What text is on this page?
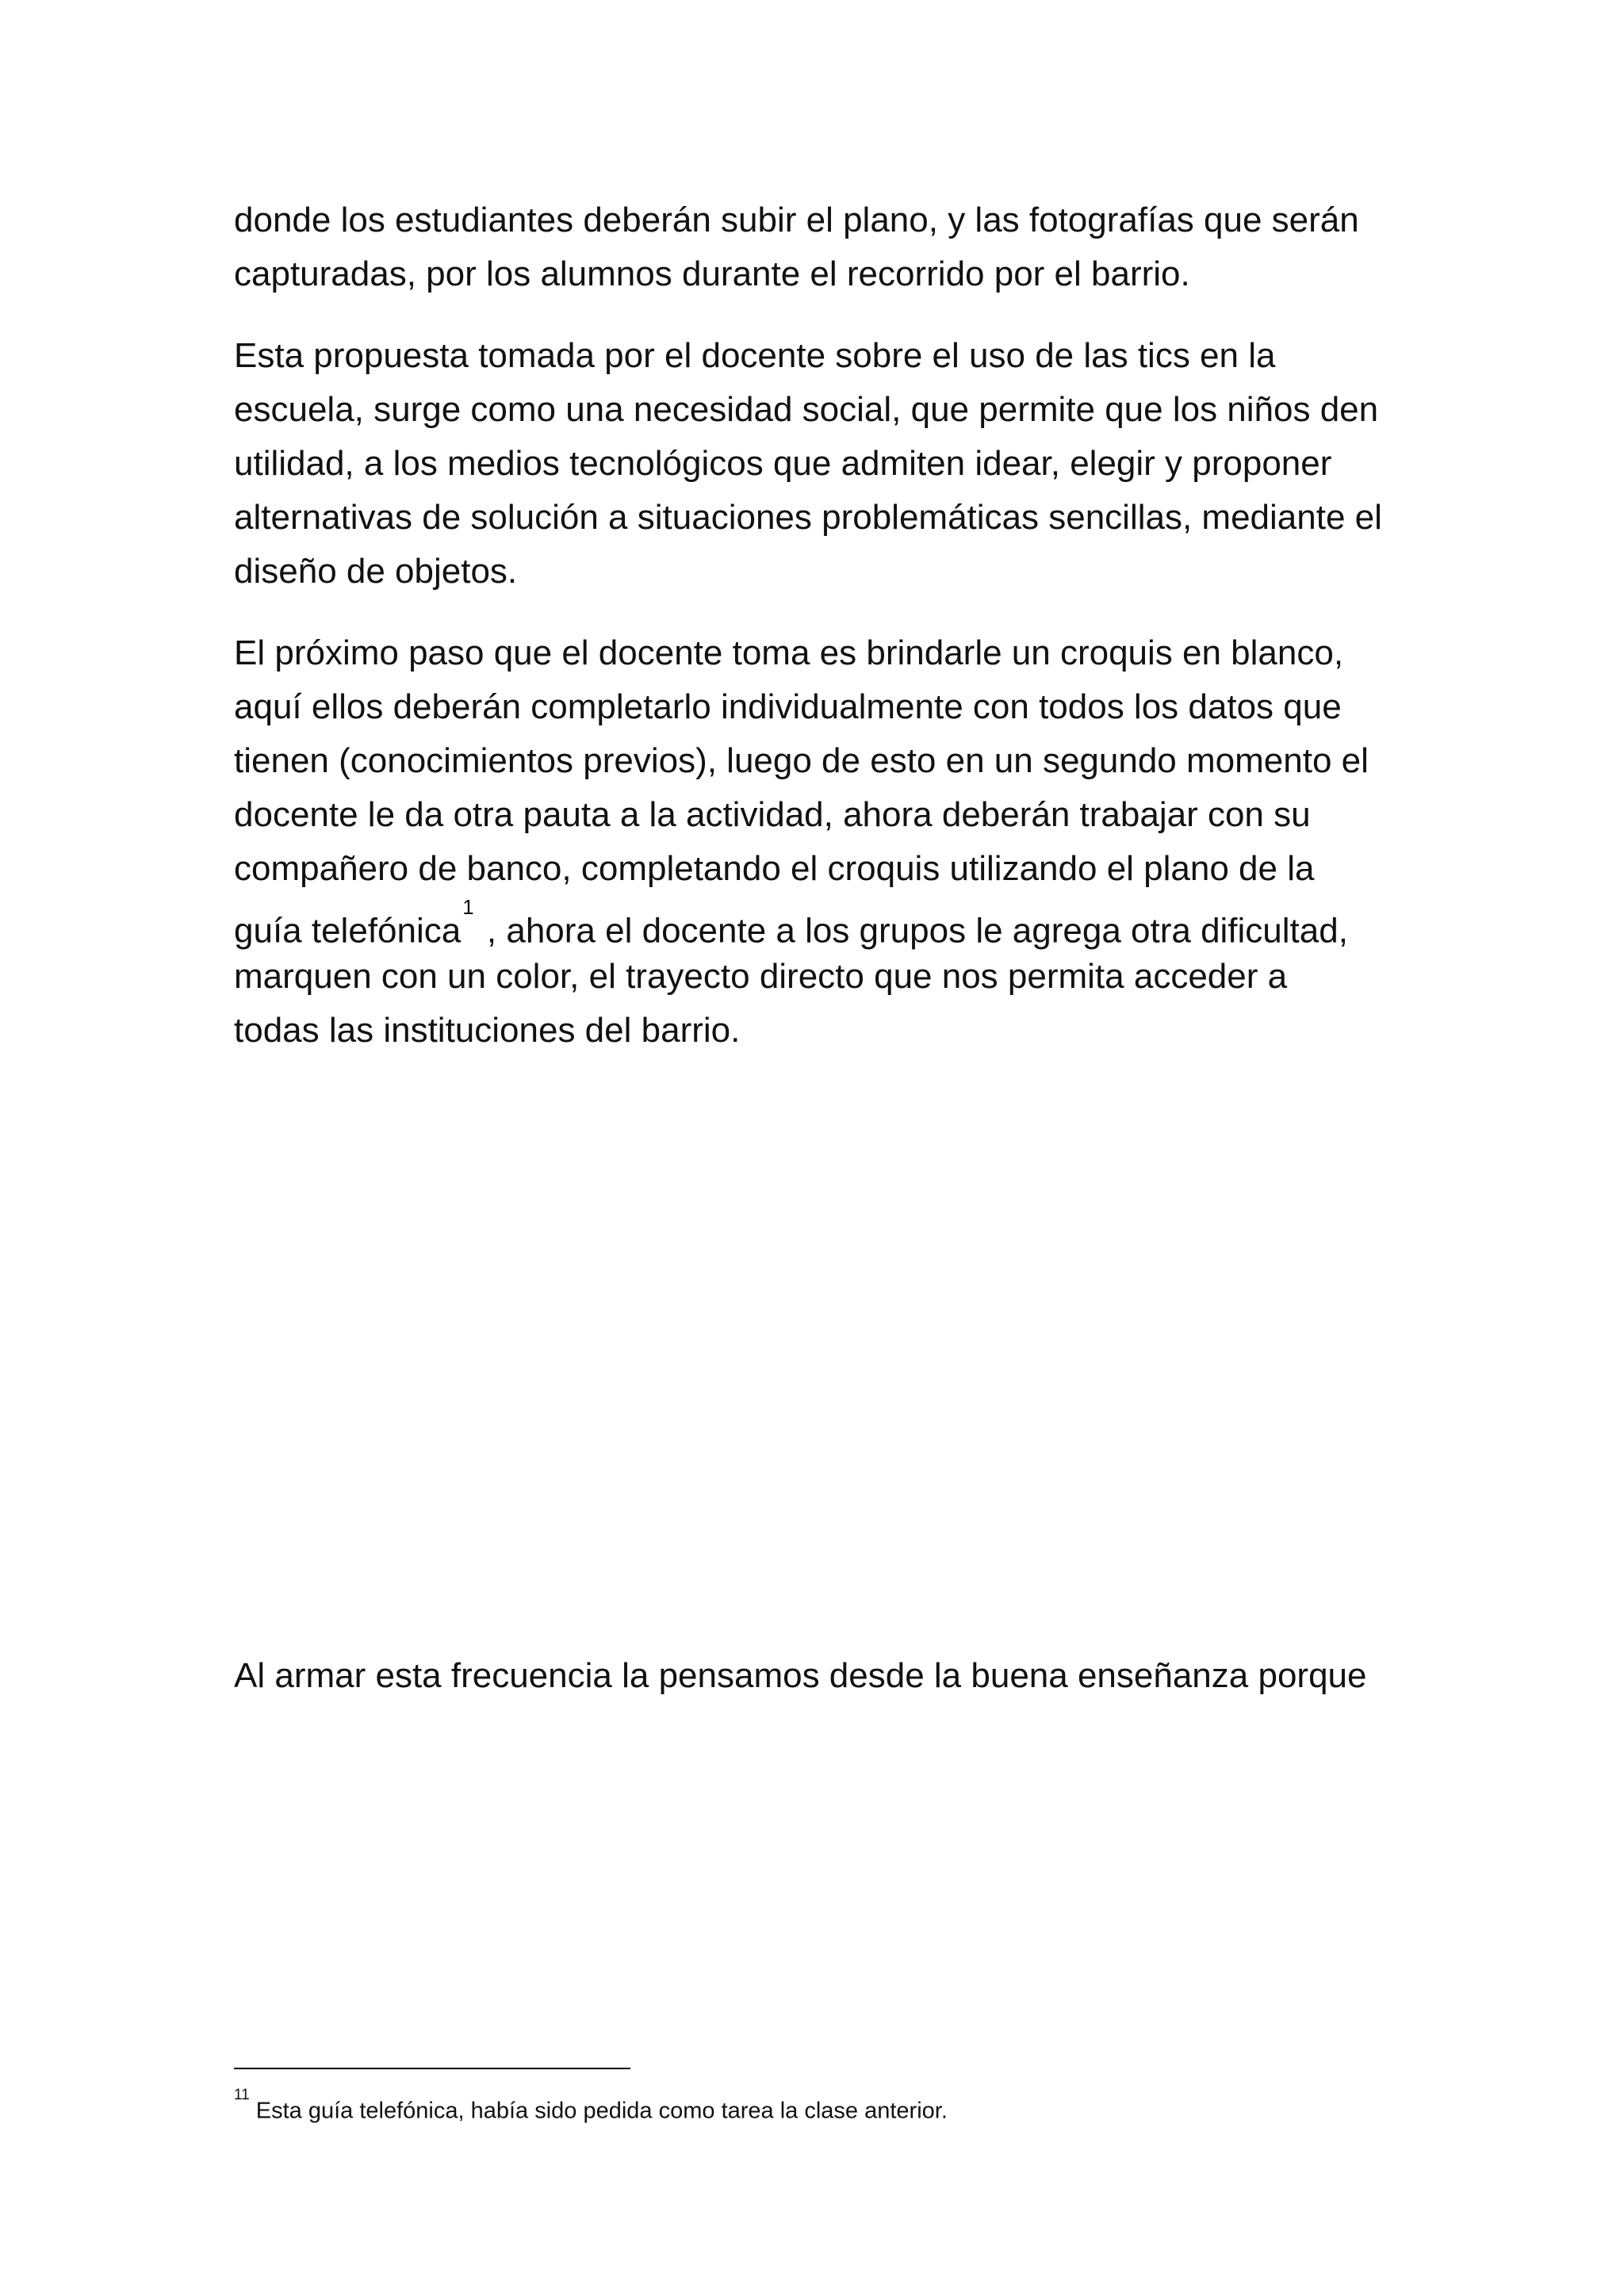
donde los estudiantes deberán subir el plano, y las fotografías que serán
capturadas, por los alumnos durante el recorrido por el barrio.
Esta propuesta tomada por el docente sobre el uso de las tics en la
escuela, surge como una necesidad social, que permite que los niños den
utilidad, a los medios tecnológicos que admiten idear, elegir y proponer
alternativas de solución a situaciones problemáticas sencillas, mediante el
diseño de objetos.
El próximo paso que el docente toma es brindarle un croquis en blanco,
aquí ellos deberán completarlo individualmente con todos los datos que
tienen (conocimientos previos), luego de esto en un segundo momento el
docente le da otra pauta a la actividad, ahora deberán trabajar con su
compañero de banco, completando el croquis utilizando el plano de la
guía telefónica$^1$ , ahora el docente a los grupos le agrega otra dificultad,
marquen con un color, el trayecto directo que nos permita acceder a
todas las instituciones del barrio.
Al armar esta frecuencia la pensamos desde la buena enseñanza porque
$^{11}$Esta guía telefónica, había sido pedida como tarea la clase anterior.
